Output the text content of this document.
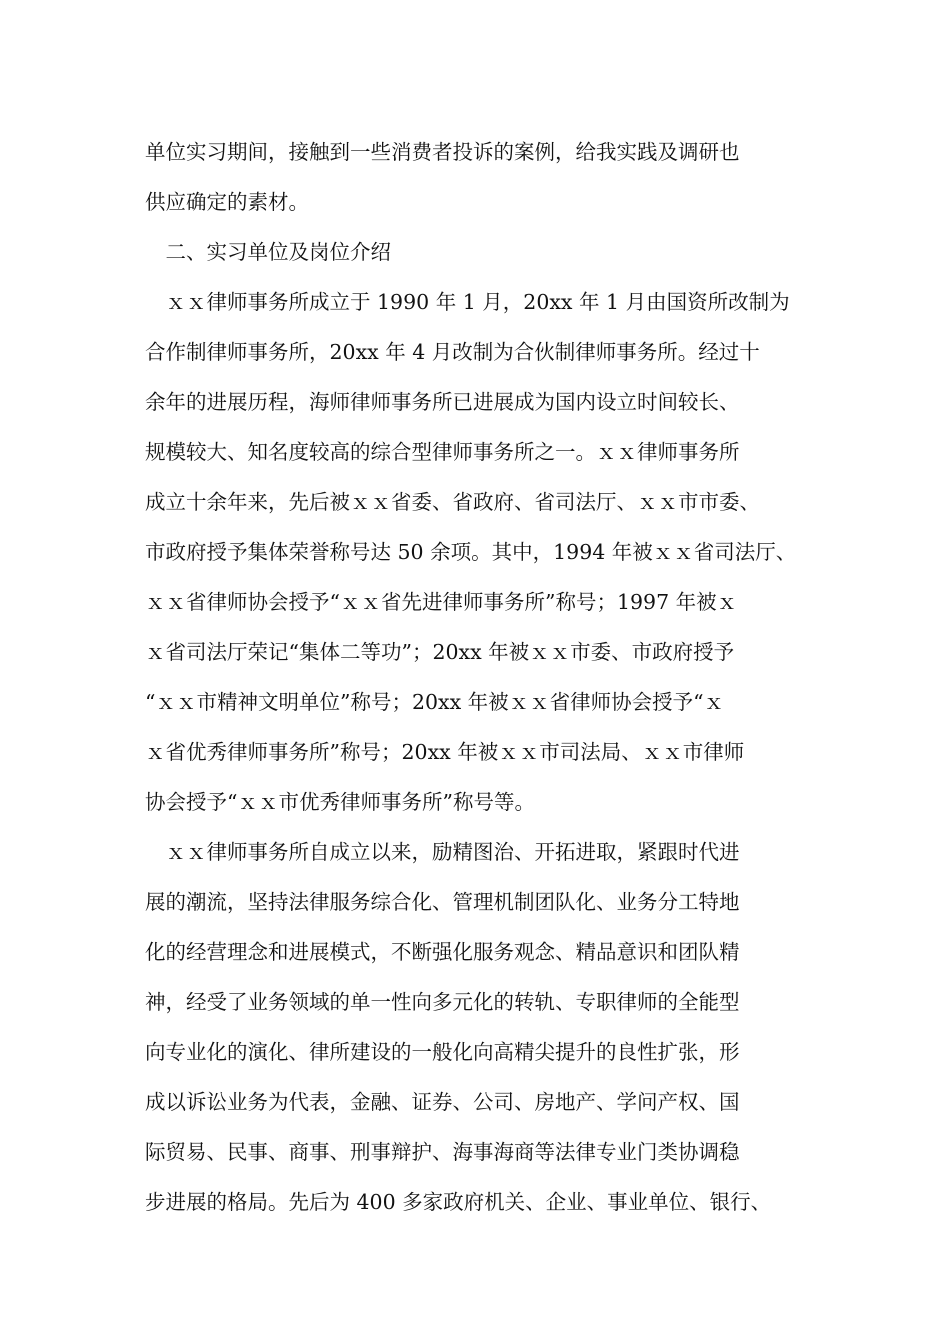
单位实习期间，接触到一些消费者投诉的案例，给我实践及调研也
供应确定的素材。
　二、实习单位及岗位介绍
　ｘｘ律师事务所成立于 1990 年 1 月，20xx 年 1 月由国资所改制为
合作制律师事务所，20xx 年 4 月改制为合伙制律师事务所。经过十
余年的进展历程，海师律师事务所已进展成为国内设立时间较长、
规模较大、知名度较高的综合型律师事务所之一。ｘｘ律师事务所
成立十余年来，先后被ｘｘ省委、省政府、省司法厅、ｘｘ市市委、
市政府授予集体荣誉称号达 50 余项。其中，1994 年被ｘｘ省司法厅、
ｘｘ省律师协会授予“ｘｘ省先进律师事务所”称号；1997 年被ｘ
ｘ省司法厅荣记“集体二等功”；20xx 年被ｘｘ市委、市政府授予
“ｘｘ市精神文明单位”称号；20xx 年被ｘｘ省律师协会授予“ｘ
ｘ省优秀律师事务所”称号；20xx 年被ｘｘ市司法局、ｘｘ市律师
协会授予“ｘｘ市优秀律师事务所”称号等。
　ｘｘ律师事务所自成立以来，励精图治、开拓进取，紧跟时代进
展的潮流，坚持法律服务综合化、管理机制团队化、业务分工特地
化的经营理念和进展模式，不断强化服务观念、精品意识和团队精
神，经受了业务领域的单一性向多元化的转轨、专职律师的全能型
向专业化的演化、律所建设的一般化向高精尖提升的良性扩张，形
成以诉讼业务为代表，金融、证券、公司、房地产、学问产权、国
际贸易、民事、商事、刑事辩护、海事海商等法律专业门类协调稳
步进展的格局。先后为 400 多家政府机关、企业、事业单位、银行、
